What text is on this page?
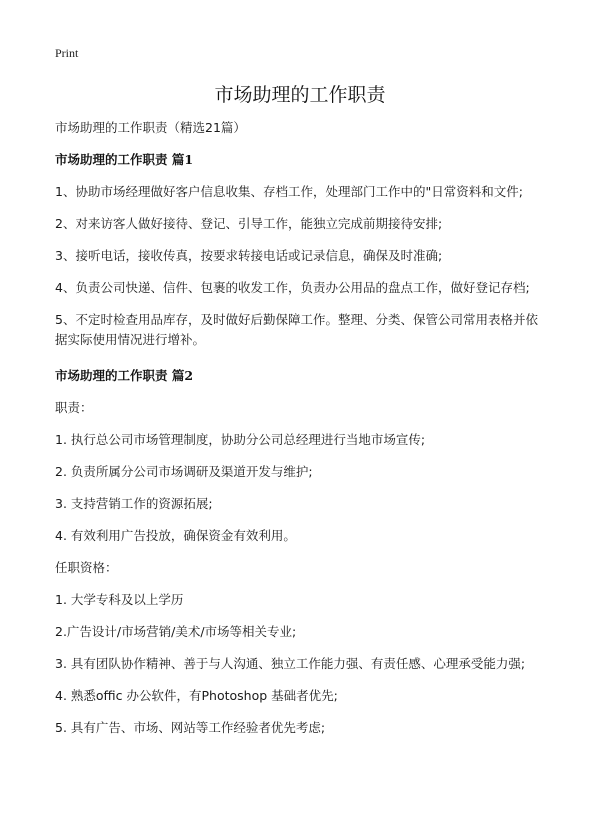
Print
市场助理的工作职责

市场助理的工作职责（精选21篇）

市场助理的工作职责 篇1

1、协助市场经理做好客户信息收集、存档工作，处理部门工作中的"日常资料和文件;

2、对来访客人做好接待、登记、引导工作，能独立完成前期接待安排;

3、接听电话，接收传真，按要求转接电话或记录信息，确保及时准确;

4、负责公司快递、信件、包裹的收发工作，负责办公用品的盘点工作，做好登记存档;

5、不定时检查用品库存，及时做好后勤保障工作。整理、分类、保管公司常用表格并依据实际使用情况进行增补。

市场助理的工作职责 篇2

职责：

1. 执行总公司市场管理制度，协助分公司总经理进行当地市场宣传;

2. 负责所属分公司市场调研及渠道开发与维护;

3. 支持营销工作的资源拓展;

4. 有效利用广告投放，确保资金有效利用。

任职资格：

1. 大学专科及以上学历

2.广告设计/市场营销/美术/市场等相关专业;

3. 具有团队协作精神、善于与人沟通、独立工作能力强、有责任感、心理承受能力强;

4. 熟悉offic 办公软件，有Photoshop 基础者优先;

5. 具有广告、市场、网站等工作经验者优先考虑;
